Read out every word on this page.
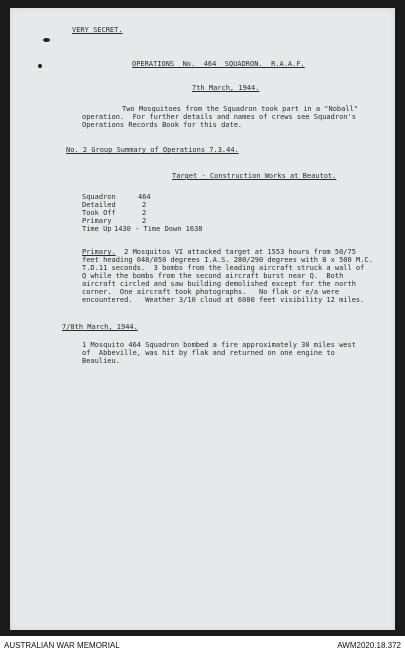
VERY SECRET.

OPERATIONS  No.  464  SQUADRON.  R.A.A.F.

7th March, 1944.

Two Mosquitoes from the Squadron took part in a "Noball"

operation.  For further details and names of crews see Squadron's

Operations Records Book for this date.

No. 2 Group Summary of Operations 7.3.44.

Target - Construction Works at Beautot.

Squadron	464

Detailed	2

Took Off	2

Primary	2

Time Up 1430 - Time Down 1638

Primary.  2 Mosquitos VI attacked target at 1553 hours from 50/75

feet heading 048/050 degrees I.A.S. 280/290 degrees with 8 x 500 M.C.

T.D.11 seconds.  3 bombs from the leading aircraft struck a wall of

Q while the bombs from the second aircraft burst near Q.  Both

aircraft circled and saw building demolished except for the north

corner.  One aircraft took photographs.   No flak or e/a were

encountered.   Weather 3/10 cloud at 6000 feet visibility 12 miles.

7/8th March, 1944.

1 Mosquito 464 Squadron bombed a fire approximately 30 miles west

of  Abbeville, was hit by flak and returned on one engine to

Beaulieu.

AUSTRALIAN WAR MEMORIAL	AWM2020.18.372
